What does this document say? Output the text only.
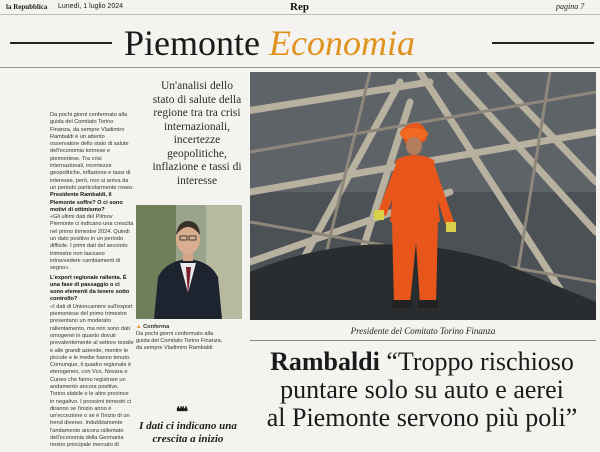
la Repubblica Lunedì, 1 luglio 2024	Rep	pagina 7
Piemonte Economia
Un'analisi dello stato di salute della regione tra tra crisi internazionali, incertezze geopolitiche, inflazione e tassi di interesse

Da pochi giorni confermato alla guida del Comitato Torino Finanza, da sempre Vladimiro Rambaldi è un attento osservatore dello stato di salute dell'economia torinese e piemontese. Tra crisi internazionali, incertezze geopolitiche, inflazione e tassi di interesse, però, non si arriva da un periodo particolarmente roseo.

Presidente Rambaldi, il Piemonte soffre? O ci sono motivi di ottimismo?

«Gli ultimi dati del Pilmov Piemonte ci indicano una crescita nel primo trimestre 2024. Quindi un dato positivo in un periodo difficile. I primi dati del secondo trimestre non lasciano intravvedere cambiamenti di segno».

L'export regionale rallenta. È una fase di passaggio o ci sono elementi da tenere sotto controllo?

«I dati di Unioncamere sull'export piemontese del primo trimestre presentano un moderato rallentamento, ma non sono dati omogenei in quanto dovuti prevalentemente al settore tessile e alle grandi aziende, mentre le piccole e le medie hanno tenuto. Comunque, il quadro regionale è eterogeneo, con Vco, Novara e Cuneo che fanno registrare un andamento ancora positivo, Torino stabile e le altre province in negativo. I prossimi trimestri ci diranno se l'inizio anno è un'eccezione o se è l'inizio di un trend diverso. Indubbiamente l'andamento ancora rallentato dell'economia della Germania nostro principale mercato di

▲ Conferma
Da pochi giorni confermato alla guida del Comitato Torino Finanza, da sempre Vladimiro Rambaldi
❝❝
I dati ci indicano una crescita a inizio
Presidente del Comitato Torino Finanza
Rambaldi “Troppo rischioso
puntare solo su auto e aerei
al Piemonte servono più poli”
